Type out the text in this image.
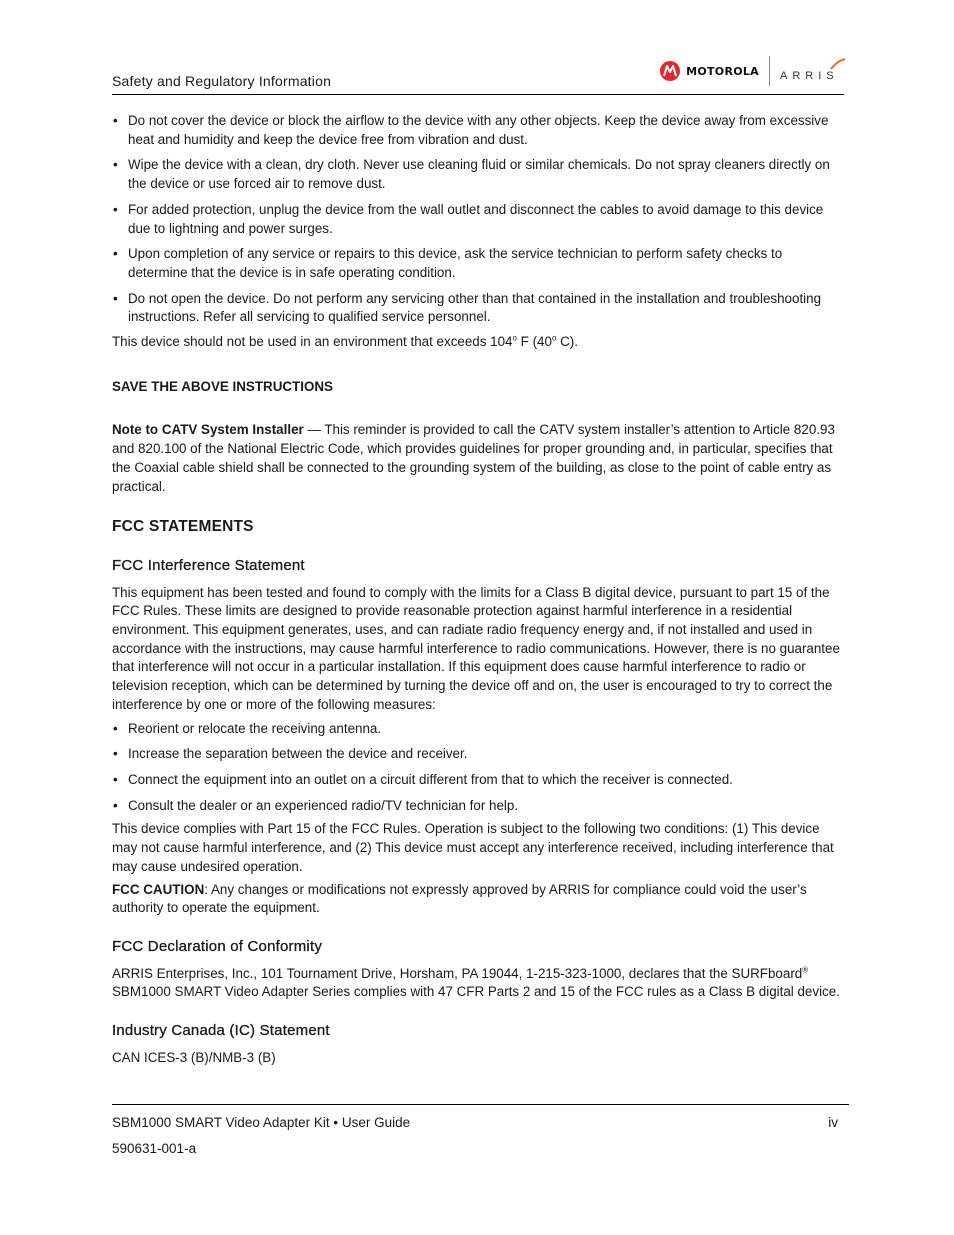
Safety and Regulatory Information
MOTOROLA ARRIS
• Do not cover the device or block the airflow to the device with any other objects. Keep the device away from excessive heat and humidity and keep the device free from vibration and dust.
• Wipe the device with a clean, dry cloth. Never use cleaning fluid or similar chemicals. Do not spray cleaners directly on the device or use forced air to remove dust.
• For added protection, unplug the device from the wall outlet and disconnect the cables to avoid damage to this device due to lightning and power surges.
• Upon completion of any service or repairs to this device, ask the service technician to perform safety checks to determine that the device is in safe operating condition.
• Do not open the device. Do not perform any servicing other than that contained in the installation and troubleshooting instructions. Refer all servicing to qualified service personnel.

This device should not be used in an environment that exceeds 104$^o$ F (40$^o$ C).

SAVE THE ABOVE INSTRUCTIONS

Note to CATV System Installer — This reminder is provided to call the CATV system installer’s attention to Article 820.93 and 820.100 of the National Electric Code, which provides guidelines for proper grounding and, in particular, specifies that the Coaxial cable shield shall be connected to the grounding system of the building, as close to the point of cable entry as practical.

FCC STATEMENTS

FCC Interference Statement

This equipment has been tested and found to comply with the limits for a Class B digital device, pursuant to part 15 of the FCC Rules. These limits are designed to provide reasonable protection against harmful interference in a residential environment. This equipment generates, uses, and can radiate radio frequency energy and, if not installed and used in accordance with the instructions, may cause harmful interference to radio communications. However, there is no guarantee that interference will not occur in a particular installation. If this equipment does cause harmful interference to radio or television reception, which can be determined by turning the device off and on, the user is encouraged to try to correct the interference by one or more of the following measures:

• Reorient or relocate the receiving antenna.
• Increase the separation between the device and receiver.
• Connect the equipment into an outlet on a circuit different from that to which the receiver is connected.
• Consult the dealer or an experienced radio/TV technician for help.

This device complies with Part 15 of the FCC Rules. Operation is subject to the following two conditions: (1) This device may not cause harmful interference, and (2) This device must accept any interference received, including interference that may cause undesired operation.

FCC CAUTION: Any changes or modifications not expressly approved by ARRIS for compliance could void the user’s authority to operate the equipment.

FCC Declaration of Conformity

ARRIS Enterprises, Inc., 101 Tournament Drive, Horsham, PA 19044, 1-215-323-1000, declares that the SURFboard® SBM1000 SMART Video Adapter Series complies with 47 CFR Parts 2 and 15 of the FCC rules as a Class B digital device.

Industry Canada (IC) Statement

CAN ICES-3 (B)/NMB-3 (B)

SBM1000 SMART Video Adapter Kit • User Guide	iv
590631-001-a
